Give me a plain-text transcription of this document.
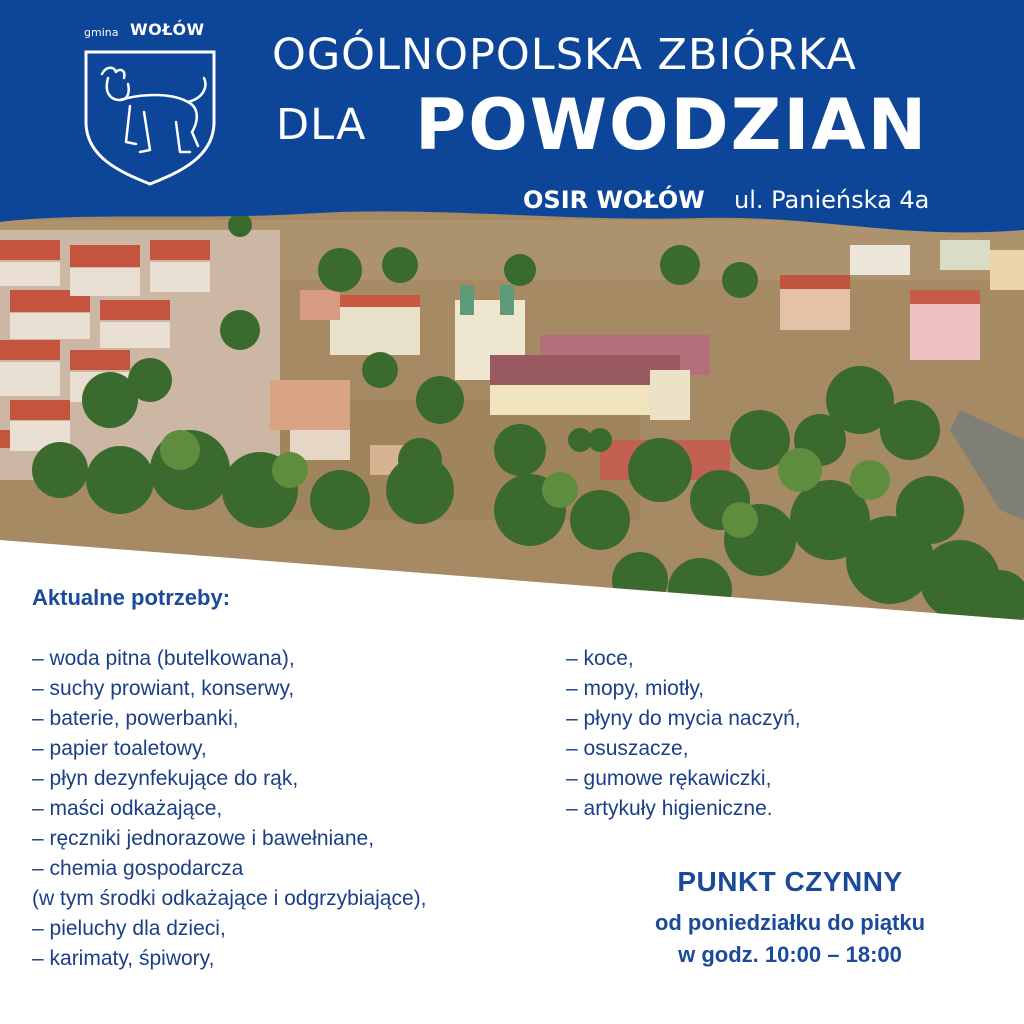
gmina WOŁÓW
OGÓLNOPOLSKA ZBIÓRKA
DLA POWODZIAN
OSIR WOŁÓW ul. Panieńska 4a
Aktualne potrzeby:
– woda pitna (butelkowana),
– suchy prowiant, konserwy,
– baterie, powerbanki,
– papier toaletowy,
– płyn dezynfekujące do rąk,
– maści odkażające,
– ręczniki jednorazowe i bawełniane,
– chemia gospodarcza
(w tym środki odkażające i odgrzybiające),
– pieluchy dla dzieci,
– karimaty, śpiwory,
– koce,
– mopy, miotły,
– płyny do mycia naczyń,
– osuszacze,
– gumowe rękawiczki,
– artykuły higieniczne.
PUNKT CZYNNY
od poniedziałku do piątku
w godz. 10:00 – 18:00
